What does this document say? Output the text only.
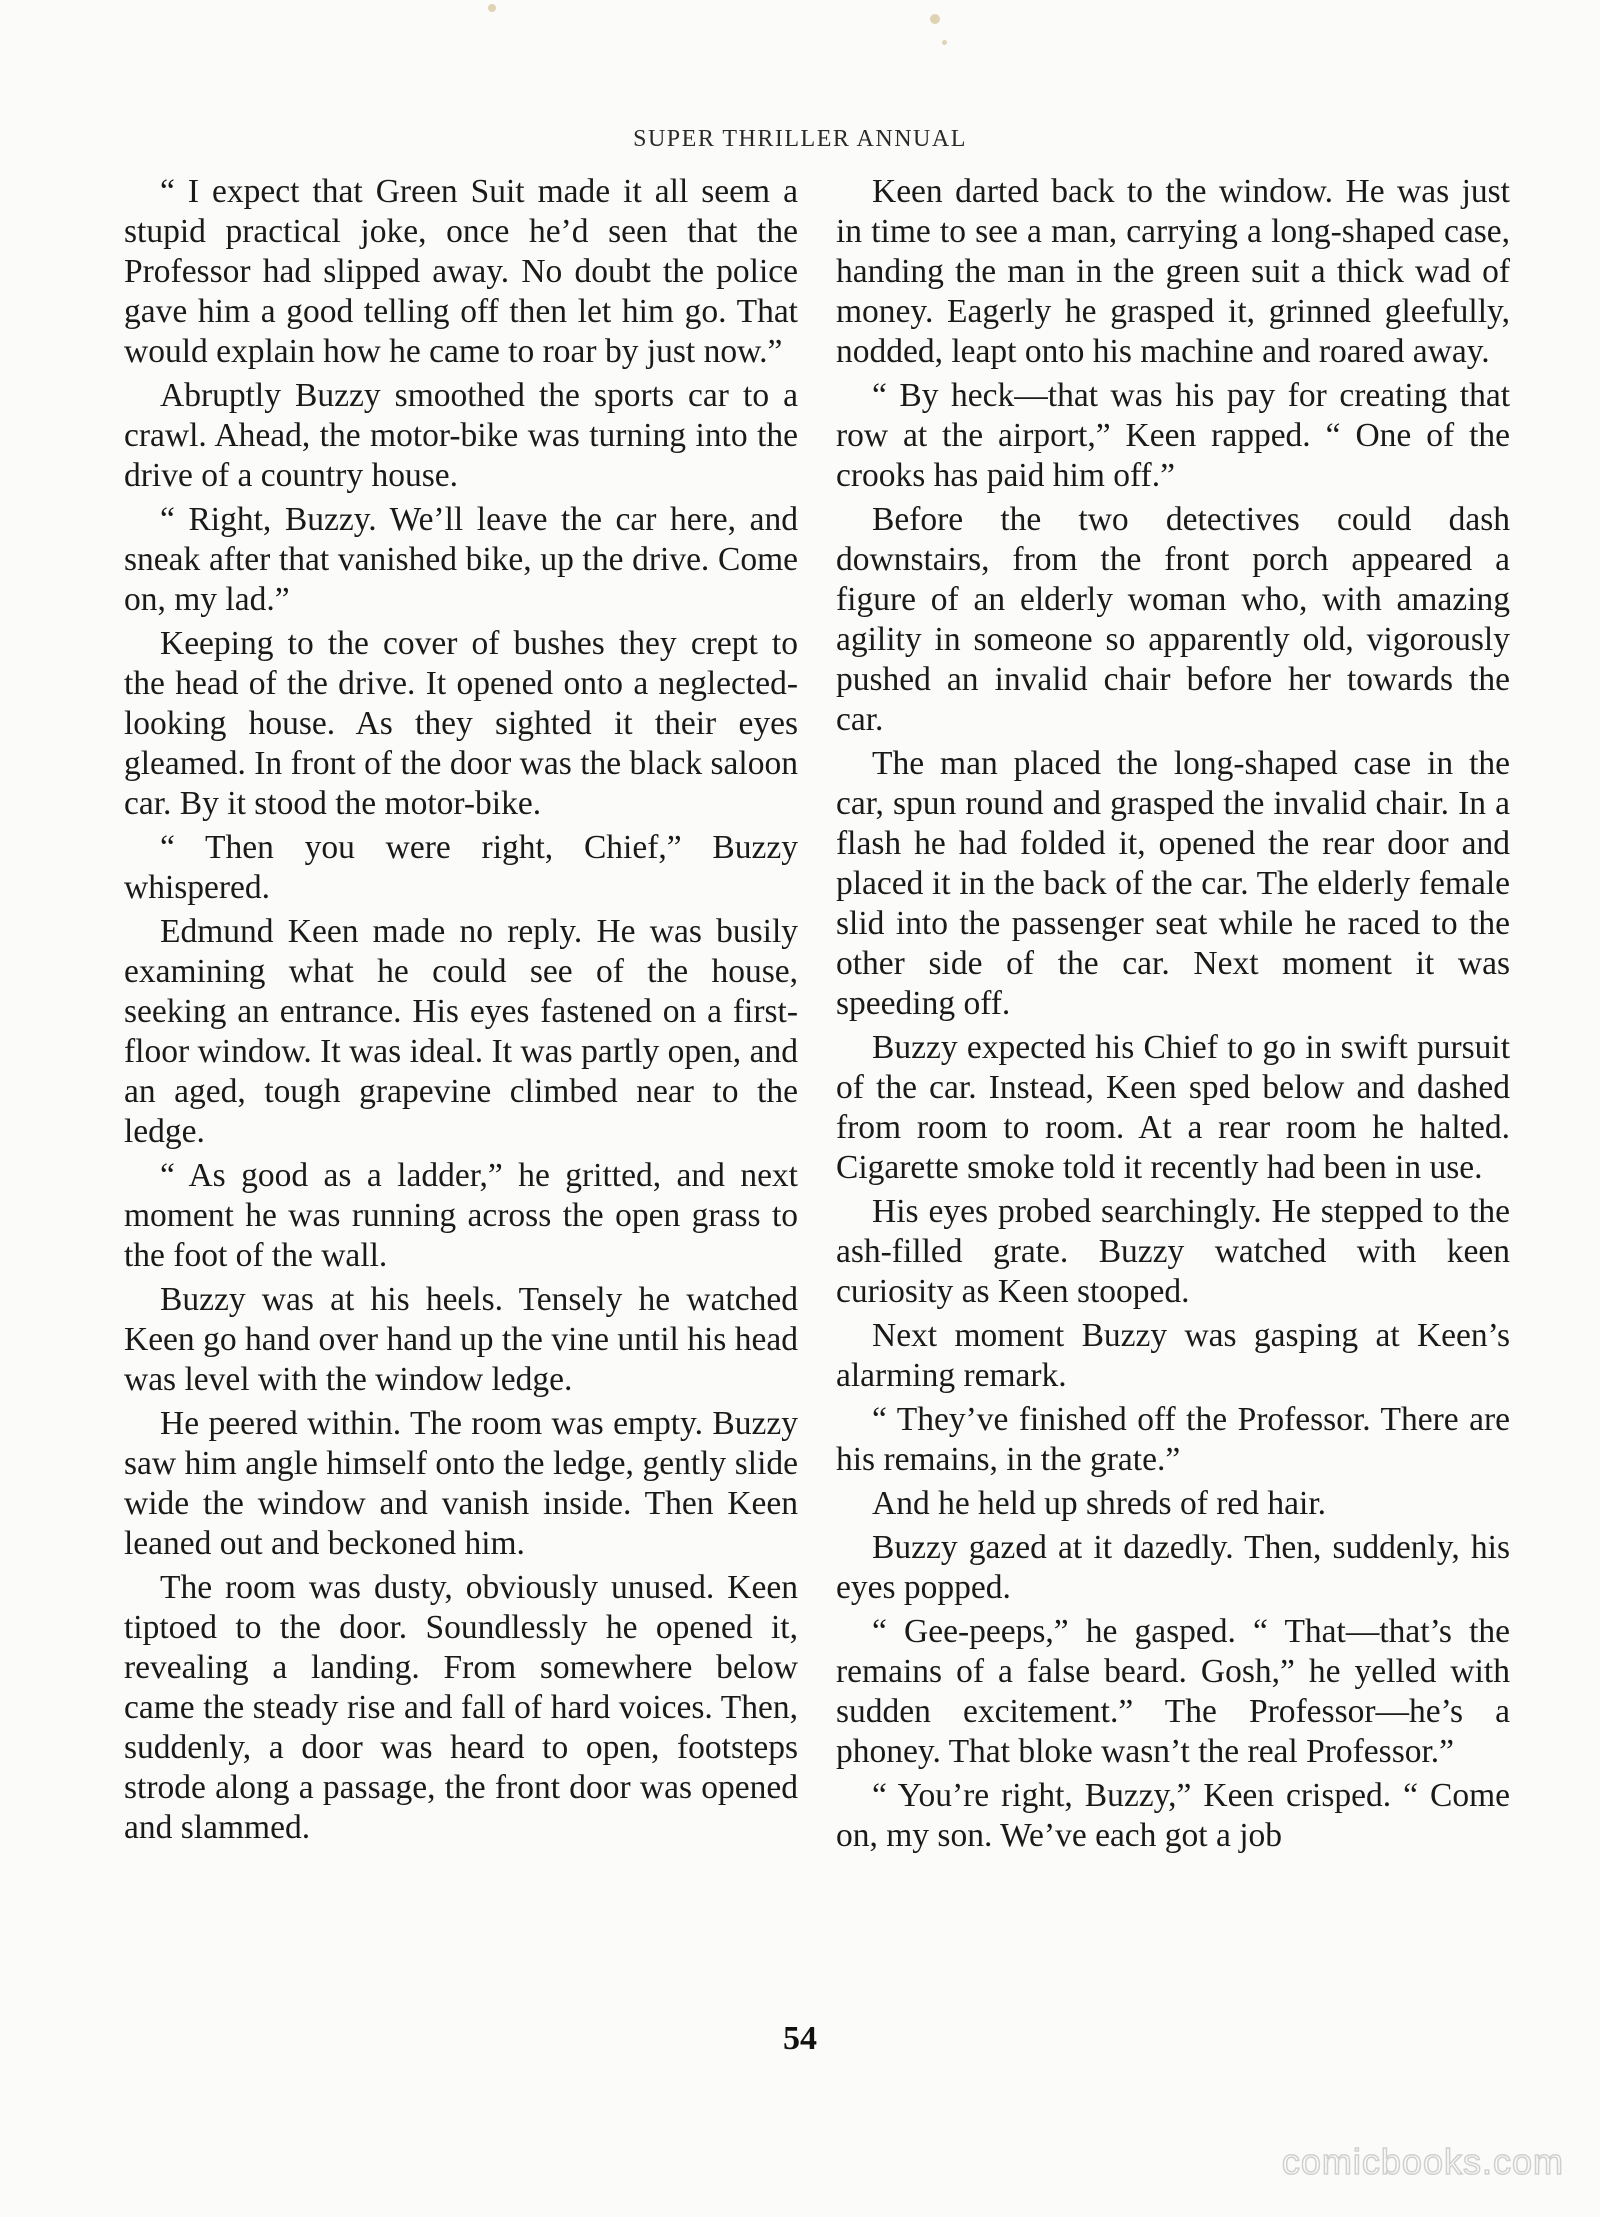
SUPER THRILLER ANNUAL

“ I expect that Green Suit made it all seem a stupid practical joke, once he’d seen that the Professor had slipped away. No doubt the police gave him a good telling off then let him go. That would explain how he came to roar by just now.”

Abruptly Buzzy smoothed the sports car to a crawl. Ahead, the motor-bike was turning into the drive of a country house.

“ Right, Buzzy. We’ll leave the car here, and sneak after that vanished bike, up the drive. Come on, my lad.”

Keeping to the cover of bushes they crept to the head of the drive. It opened onto a neglected-looking house. As they sighted it their eyes gleamed. In front of the door was the black saloon car. By it stood the motor-bike.

“ Then you were right, Chief,” Buzzy whispered.

Edmund Keen made no reply. He was busily examining what he could see of the house, seeking an entrance. His eyes fastened on a first-floor window. It was ideal. It was partly open, and an aged, tough grapevine climbed near to the ledge.

“ As good as a ladder,” he gritted, and next moment he was running across the open grass to the foot of the wall.

Buzzy was at his heels. Tensely he watched Keen go hand over hand up the vine until his head was level with the window ledge.

He peered within. The room was empty. Buzzy saw him angle himself onto the ledge, gently slide wide the window and vanish inside. Then Keen leaned out and beckoned him.

The room was dusty, obviously unused. Keen tiptoed to the door. Soundlessly he opened it, revealing a landing. From somewhere below came the steady rise and fall of hard voices. Then, suddenly, a door was heard to open, footsteps strode along a passage, the front door was opened and slammed.

Keen darted back to the window. He was just in time to see a man, carrying a long-shaped case, handing the man in the green suit a thick wad of money. Eagerly he grasped it, grinned gleefully, nodded, leapt onto his machine and roared away.

“ By heck—that was his pay for creating that row at the airport,” Keen rapped. “ One of the crooks has paid him off.”

Before the two detectives could dash downstairs, from the front porch appeared a figure of an elderly woman who, with amazing agility in someone so apparently old, vigorously pushed an invalid chair before her towards the car.

The man placed the long-shaped case in the car, spun round and grasped the invalid chair. In a flash he had folded it, opened the rear door and placed it in the back of the car. The elderly female slid into the passenger seat while he raced to the other side of the car. Next moment it was speeding off.

Buzzy expected his Chief to go in swift pursuit of the car. Instead, Keen sped below and dashed from room to room. At a rear room he halted. Cigarette smoke told it recently had been in use.

His eyes probed searchingly. He stepped to the ash-filled grate. Buzzy watched with keen curiosity as Keen stooped.

Next moment Buzzy was gasping at Keen’s alarming remark.

“ They’ve finished off the Professor. There are his remains, in the grate.”

And he held up shreds of red hair.

Buzzy gazed at it dazedly. Then, suddenly, his eyes popped.

“ Gee-peeps,” he gasped. “ That—that’s the remains of a false beard. Gosh,” he yelled with sudden excitement.” The Professor—he’s a phoney. That bloke wasn’t the real Professor.”

“ You’re right, Buzzy,” Keen crisped. “ Come on, my son. We’ve each got a job

54
comicbooks.com
